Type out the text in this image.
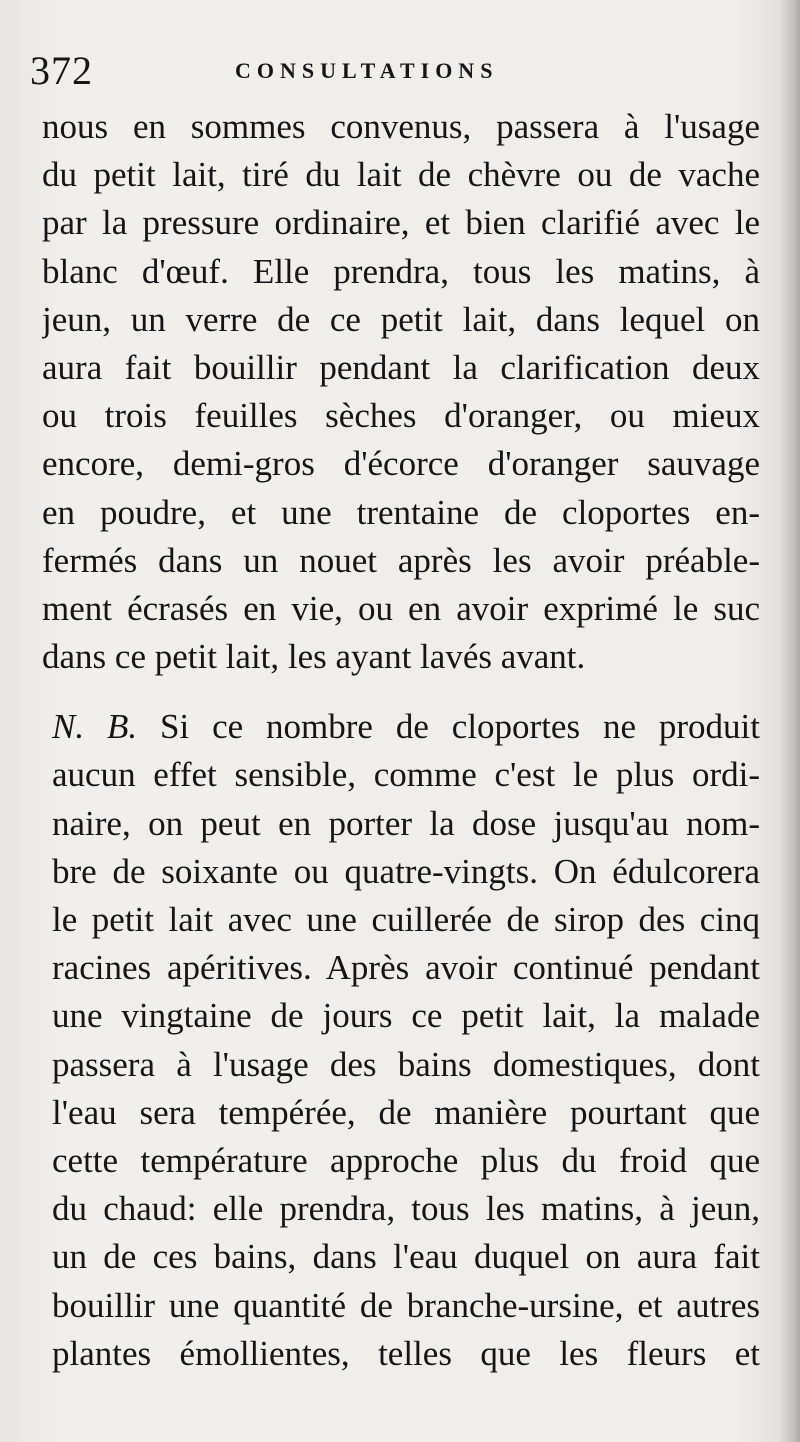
372	CONSULTATIONS
nous en sommes convenus, passera à l'usage
du petit lait, tiré du lait de chèvre ou de vache
par la pressure ordinaire, et bien clarifié avec le
blanc d'œuf. Elle prendra, tous les matins, à
jeun, un verre de ce petit lait, dans lequel on
aura fait bouillir pendant la clarification deux
ou trois feuilles sèches d'oranger, ou mieux
encore, demi-gros d'écorce d'oranger sauvage
en poudre, et une trentaine de cloportes en-
fermés dans un nouet après les avoir préable-
ment écrasés en vie, ou en avoir exprimé le suc
dans ce petit lait, les ayant lavés avant.
N. B. Si ce nombre de cloportes ne produit
aucun effet sensible, comme c'est le plus ordi-
naire, on peut en porter la dose jusqu'au nom-
bre de soixante ou quatre-vingts. On édulcorera
le petit lait avec une cuillerée de sirop des cinq
racines apéritives. Après avoir continué pendant
une vingtaine de jours ce petit lait, la malade
passera à l'usage des bains domestiques, dont
l'eau sera tempérée, de manière pourtant que
cette température approche plus du froid que
du chaud: elle prendra, tous les matins, à jeun,
un de ces bains, dans l'eau duquel on aura fait
bouillir une quantité de branche-ursine, et autres
plantes émollientes, telles que les fleurs et
